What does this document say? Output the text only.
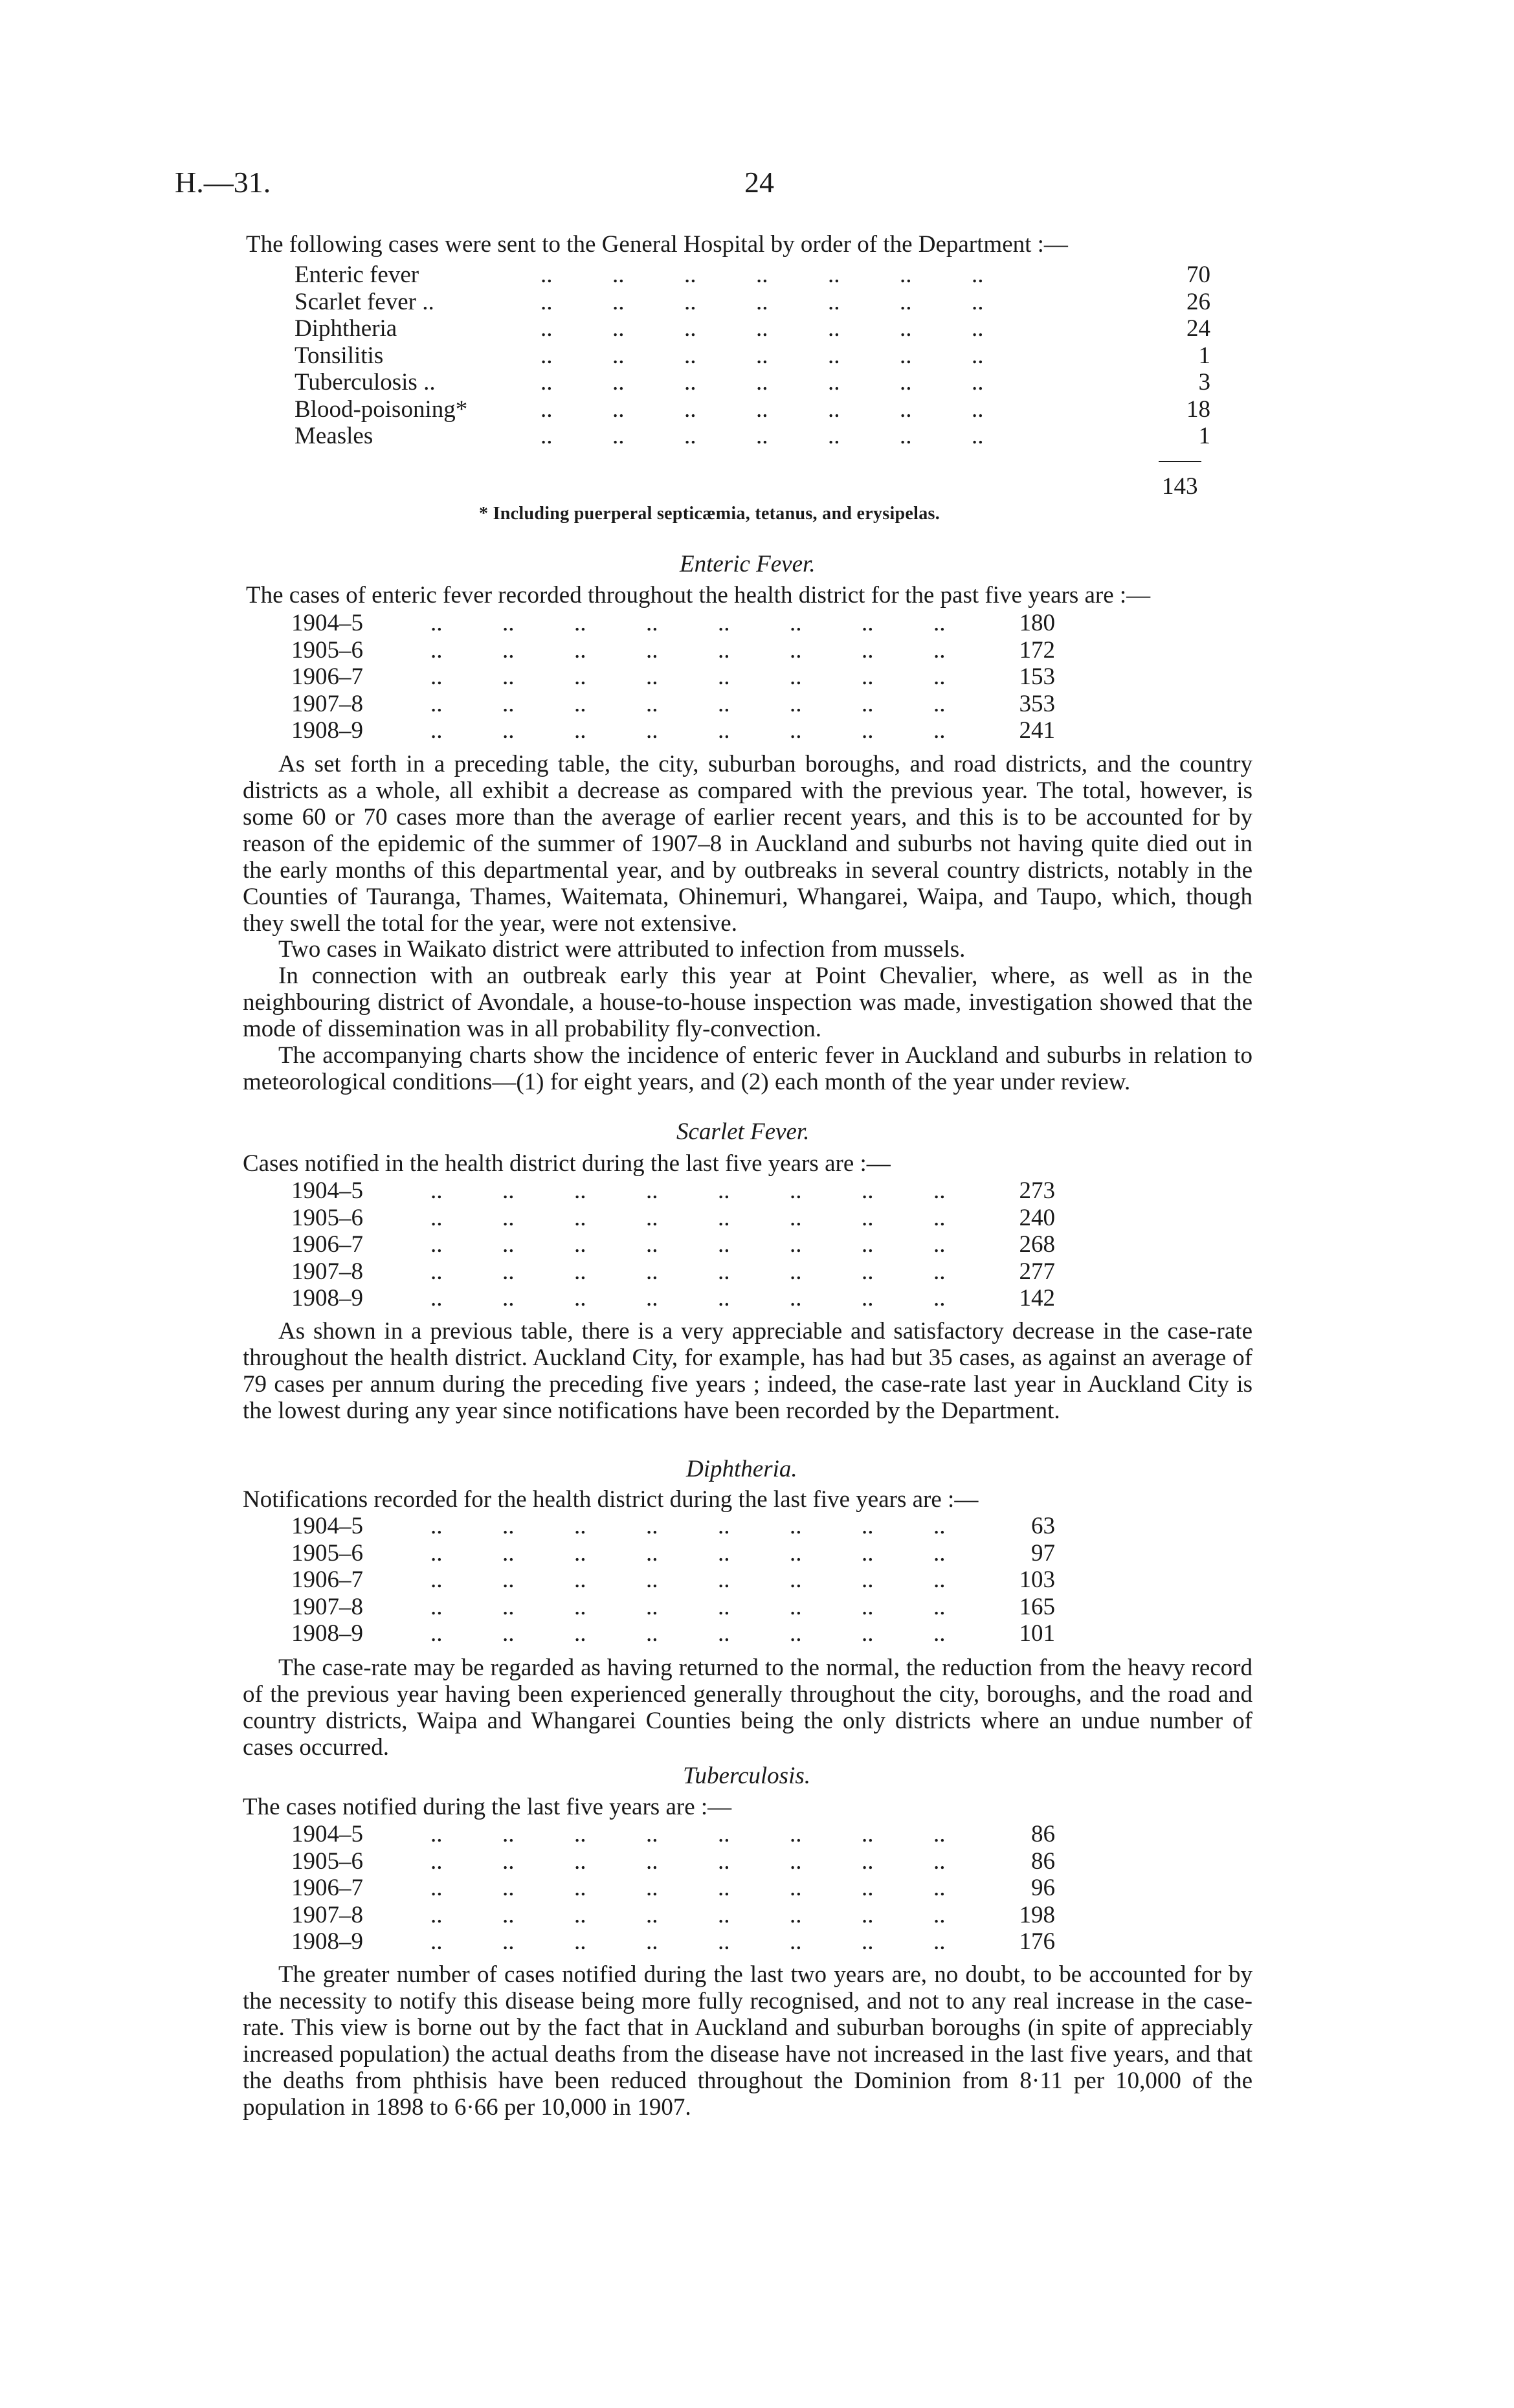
H.—31.	24
The following cases were sent to the General Hospital by order of the Department :—
Enteric fever	..          ..          ..          ..          ..          ..          ..	70
Scarlet fever ..	..          ..          ..          ..          ..          ..          ..	26
Diphtheria	..          ..          ..          ..          ..          ..          ..	24
Tonsilitis	..          ..          ..          ..          ..          ..          ..	1
Tuberculosis ..	..          ..          ..          ..          ..          ..          ..	3
Blood-poisoning*	..          ..          ..          ..          ..          ..          ..	18
Measles	..          ..          ..          ..          ..          ..          ..	1
143
* Including puerperal septicæmia, tetanus, and erysipelas.
Enteric Fever.
The cases of enteric fever recorded throughout the health district for the past five years are :—
1904–5	..          ..          ..          ..          ..          ..          ..          ..	180
1905–6	..          ..          ..          ..          ..          ..          ..          ..	172
1906–7	..          ..          ..          ..          ..          ..          ..          ..	153
1907–8	..          ..          ..          ..          ..          ..          ..          ..	353
1908–9	..          ..          ..          ..          ..          ..          ..          ..	241

As set forth in a preceding table, the city, suburban boroughs, and road districts, and the country districts as a whole, all exhibit a decrease as compared with the previous year. The total, however, is some 60 or 70 cases more than the average of earlier recent years, and this is to be accounted for by reason of the epidemic of the summer of 1907–8 in Auckland and suburbs not having quite died out in the early months of this departmental year, and by outbreaks in several country districts, notably in the Counties of Tauranga, Thames, Waitemata, Ohinemuri, Whangarei, Waipa, and Taupo, which, though they swell the total for the year, were not extensive.

Two cases in Waikato district were attributed to infection from mussels.

In connection with an outbreak early this year at Point Chevalier, where, as well as in the neighbouring district of Avondale, a house-to-house inspection was made, investigation showed that the mode of dissemination was in all probability fly-convection.

The accompanying charts show the incidence of enteric fever in Auckland and suburbs in relation to meteorological conditions—(1) for eight years, and (2) each month of the year under review.

Scarlet Fever.
Cases notified in the health district during the last five years are :—
1904–5	..          ..          ..          ..          ..          ..          ..          ..	273
1905–6	..          ..          ..          ..          ..          ..          ..          ..	240
1906–7	..          ..          ..          ..          ..          ..          ..          ..	268
1907–8	..          ..          ..          ..          ..          ..          ..          ..	277
1908–9	..          ..          ..          ..          ..          ..          ..          ..	142

As shown in a previous table, there is a very appreciable and satisfactory decrease in the case-rate throughout the health district. Auckland City, for example, has had but 35 cases, as against an average of 79 cases per annum during the preceding five years ; indeed, the case-rate last year in Auckland City is the lowest during any year since notifications have been recorded by the Department.

Diphtheria.
Notifications recorded for the health district during the last five years are :—
1904–5	..          ..          ..          ..          ..          ..          ..          ..	63
1905–6	..          ..          ..          ..          ..          ..          ..          ..	97
1906–7	..          ..          ..          ..          ..          ..          ..          ..	103
1907–8	..          ..          ..          ..          ..          ..          ..          ..	165
1908–9	..          ..          ..          ..          ..          ..          ..          ..	101

The case-rate may be regarded as having returned to the normal, the reduction from the heavy record of the previous year having been experienced generally throughout the city, boroughs, and the road and country districts, Waipa and Whangarei Counties being the only districts where an undue number of cases occurred.

Tuberculosis.
The cases notified during the last five years are :—
1904–5	..          ..          ..          ..          ..          ..          ..          ..	86
1905–6	..          ..          ..          ..          ..          ..          ..          ..	86
1906–7	..          ..          ..          ..          ..          ..          ..          ..	96
1907–8	..          ..          ..          ..          ..          ..          ..          ..	198
1908–9	..          ..          ..          ..          ..          ..          ..          ..	176

The greater number of cases notified during the last two years are, no doubt, to be accounted for by the necessity to notify this disease being more fully recognised, and not to any real increase in the case-rate. This view is borne out by the fact that in Auckland and suburban boroughs (in spite of appreciably increased population) the actual deaths from the disease have not increased in the last five years, and that the deaths from phthisis have been reduced throughout the Dominion from 8·11 per 10,000 of the population in 1898 to 6·66 per 10,000 in 1907.
